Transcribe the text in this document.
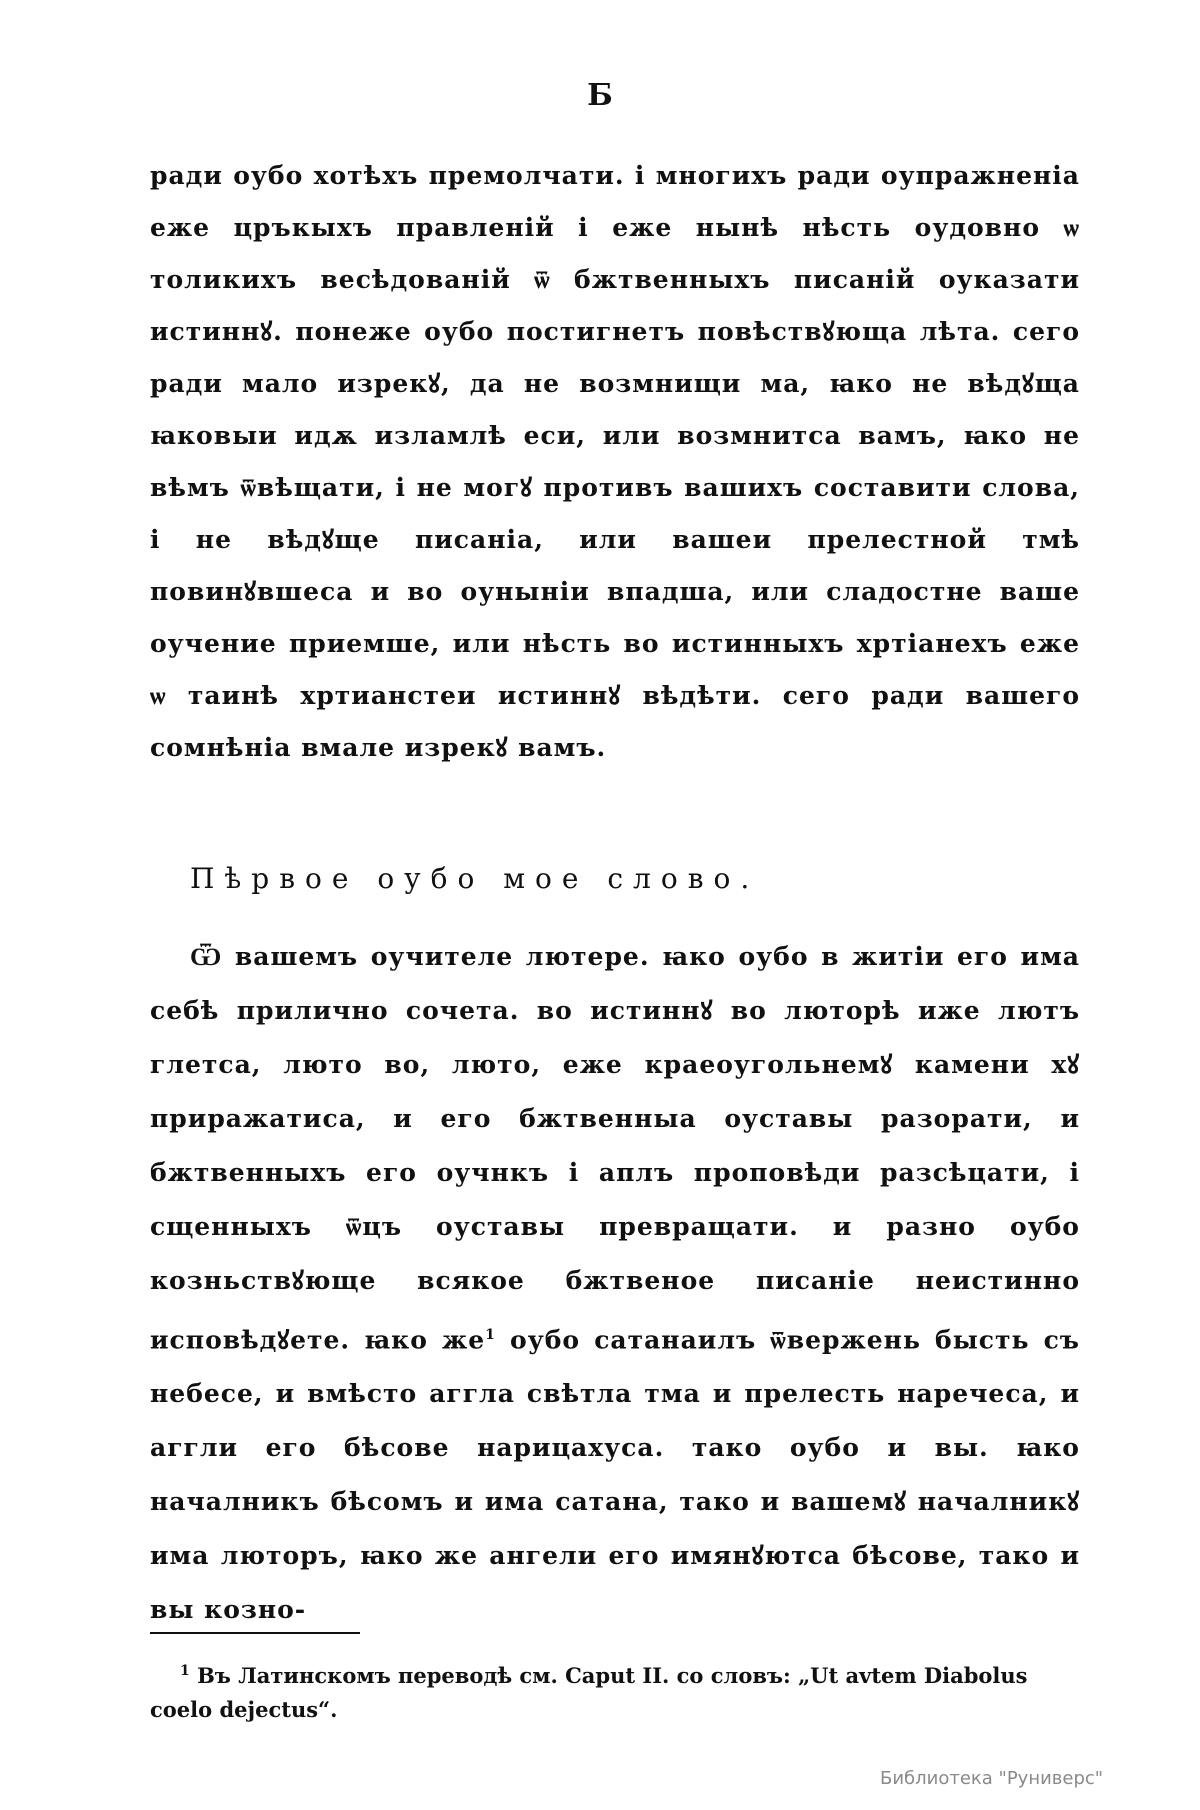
Б
ради оубо хотѣхъ премолчати. і многихъ ради оупражненіа еже цръкыхъ правленій і еже нынѣ нѣсть оудовно ѡ толикихъ весѣдованій ѿ бжтвенныхъ писаній оуказати истиннꙋ. понеже оубо постигнетъ повѣствꙋюща лѣта. сего ради мало изрекꙋ, да не возмнищи ма, ꙗко не вѣдꙋща ꙗковыи идѫ изламлѣ еси, или возмнитса вамъ, ꙗко не вѣмъ ѿвѣщати, і не могꙋ противъ вашихъ составити слова, і не вѣдꙋще писаніа, или вашеи прелестной тмѣ повинꙋвшеса и во оуныніи впадша, или сладостне ваше оучение приемше, или нѣсть во истинныхъ хртіанехъ еже ѡ таинѣ хртианстеи истиннꙋ вѣдѣти. сего ради вашего сомнѣніа вмале изрекꙋ вамъ.
Пѣрвое оубо мое слово.
Ѿ вашемъ оучителе лютере. ꙗко оубо в житіи его има себѣ прилично сочета. во истиннꙋ во люторѣ иже лютъ глетса, люто во, люто, еже краеоугольнемꙋ камени хꙋ приражатиса, и его бжтвенныа оуставы разорати, и бжтвенныхъ его оучнкъ і аплъ проповѣди разсѣцати, і сщенныхъ ѿцъ оуставы превращати. и разно оубо козньствꙋюще всякое бжтвеное писаніе неистинно исповѣдꙋете. ꙗко же$^1$ оубо сатанаилъ ѿвержень бысть съ небесе, и вмѣсто аггла свѣтла тма и прелесть наречеса, и аггли его бѣсове нарицахуса. тако оубо и вы. ꙗко началникъ бѣсомъ и има сатана, тако и вашемꙋ началникꙋ има люторъ, ꙗко же ангели его имянꙋютса бѣсове, тако и вы козно-
$^1$ Въ Латинскомъ переводѣ см. Caput II. со словъ: „Ut avtem Diabolus coelo dejectus“.
Библиотека "Руниверс"
